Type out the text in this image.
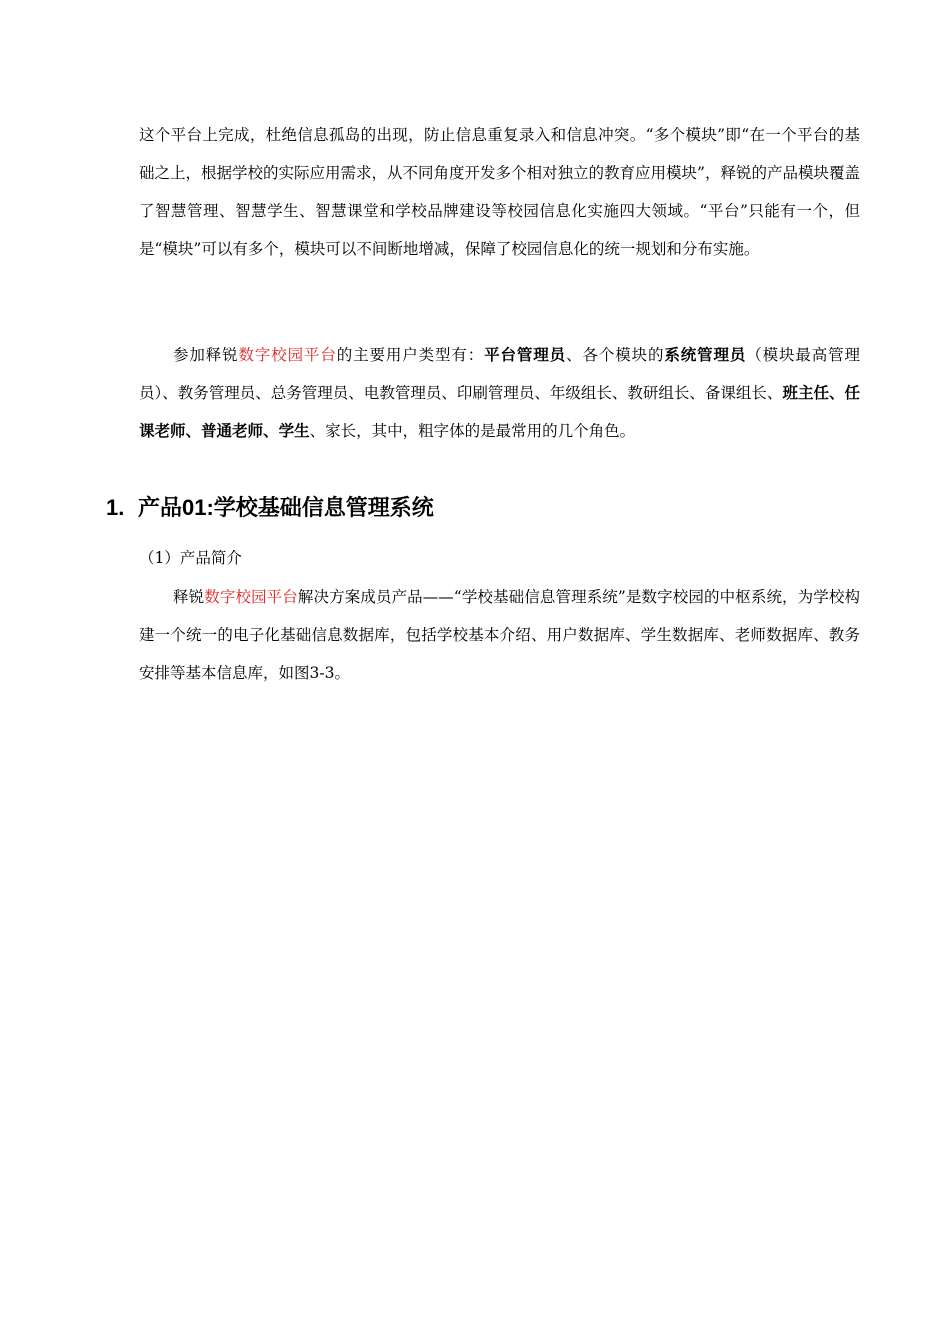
这个平台上完成，杜绝信息孤岛的出现，防止信息重复录入和信息冲突。“多个模块”即“在一个平台的基础之上，根据学校的实际应用需求，从不同角度开发多个相对独立的教育应用模块”，释锐的产品模块覆盖了智慧管理、智慧学生、智慧课堂和学校品牌建设等校园信息化实施四大领域。“平台”只能有一个，但是“模块”可以有多个，模块可以不间断地增减，保障了校园信息化的统一规划和分布实施。

参加释锐数字校园平台的主要用户类型有：平台管理员、各个模块的系统管理员（模块最高管理员）、教务管理员、总务管理员、电教管理员、印刷管理员、年级组长、教研组长、备课组长、班主任、任课老师、普通老师、学生、家长，其中，粗字体的是最常用的几个角色。

1. 产品01:学校基础信息管理系统

（1）产品简介

释锐数字校园平台解决方案成员产品——“学校基础信息管理系统”是数字校园的中枢系统，为学校构建一个统一的电子化基础信息数据库，包括学校基本介绍、用户数据库、学生数据库、老师数据库、教务安排等基本信息库，如图3-3。
